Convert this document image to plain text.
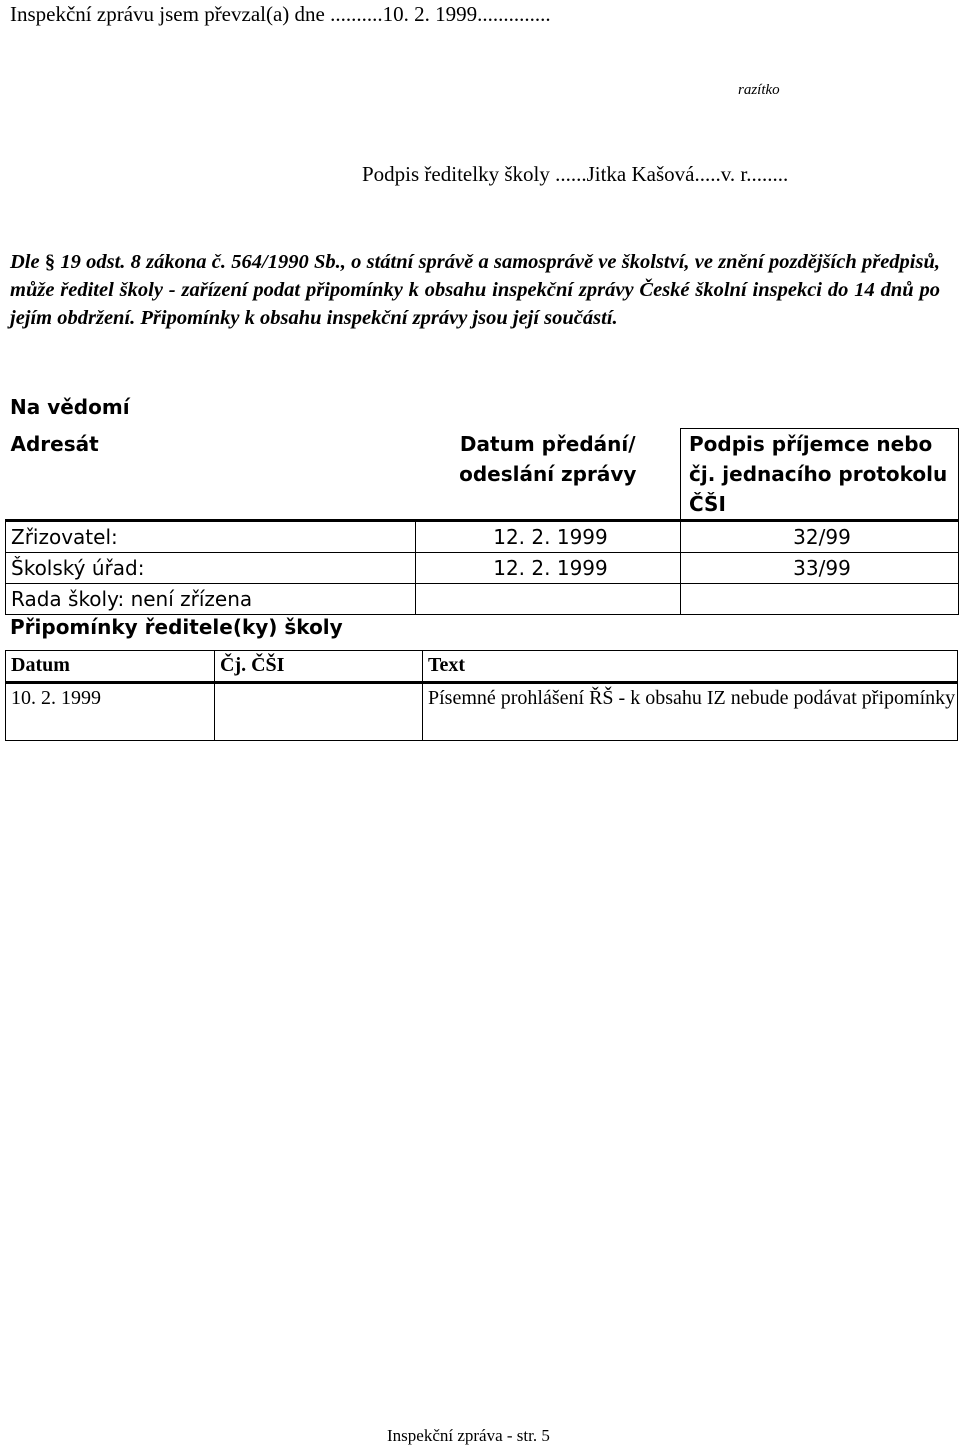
Inspekční zprávu jsem převzal(a) dne ..........10. 2. 1999..............
razítko
Podpis ředitelky školy ......Jitka Kašová.....v. r........
Dle § 19 odst. 8 zákona č. 564/1990 Sb., o státní správě a samosprávě ve školství, ve znění pozdějších předpisů, může ředitel školy - zařízení podat připomínky k obsahu inspekční zprávy České školní inspekci do 14 dnů po jejím obdržení. Připomínky k obsahu inspekční zprávy jsou její součástí.
Na vědomí
Adresát	Datum předání/ odeslání zprávy	Podpis příjemce nebo čj. jednacího protokolu ČŠI
Zřizovatel:	12. 2. 1999	32/99
Školský úřad:	12. 2. 1999	33/99
Rada školy: není zřízena		
Připomínky ředitele(ky) školy
Datum	Čj. ČŠI	Text
10. 2. 1999		Písemné prohlášení ŘŠ - k obsahu IZ nebude podávat připomínky
Inspekční zpráva - str. 5
